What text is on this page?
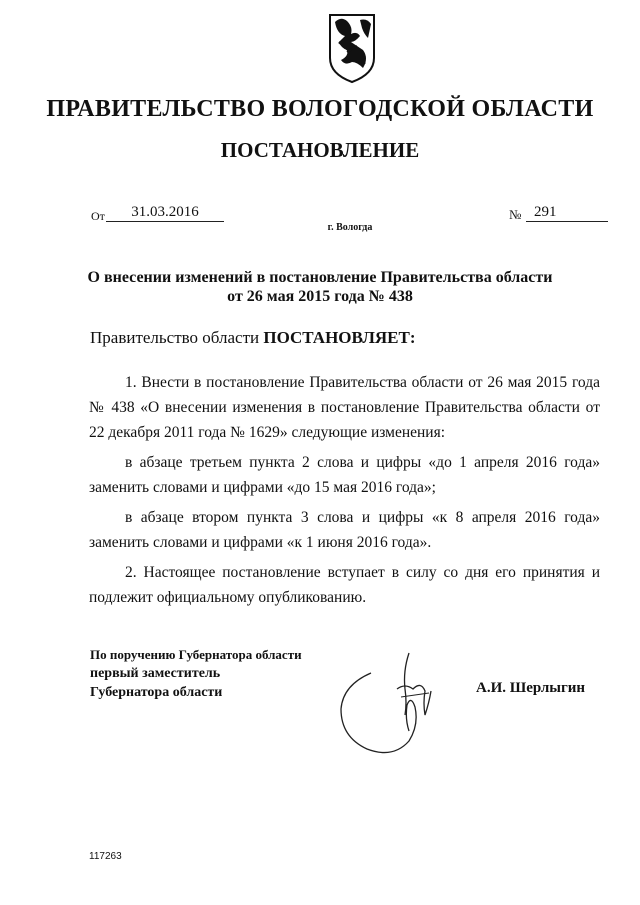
ПРАВИТЕЛЬСТВО ВОЛОГОДСКОЙ ОБЛАСТИ
ПОСТАНОВЛЕНИЕ
От	31.03.2016	№ 291
г. Вологда
О внесении изменений в постановление Правительства области
от 26 мая 2015 года № 438
Правительство области ПОСТАНОВЛЯЕТ:

1. Внести в постановление Правительства области от 26 мая 2015 года № 438 «О внесении изменения в постановление Правительства области от 22 декабря 2011 года № 1629» следующие изменения:

в абзаце третьем пункта 2 слова и цифры «до 1 апреля 2016 года» заменить словами и цифрами «до 15 мая 2016 года»;

в абзаце втором пункта 3 слова и цифры «к 8 апреля 2016 года» заменить словами и цифрами «к 1 июня 2016 года».

2. Настоящее постановление вступает в силу со дня его принятия и подлежит официальному опубликованию.

По поручению Губернатора области
первый заместитель
Губернатора области	А.И. Шерлыгин
117263
